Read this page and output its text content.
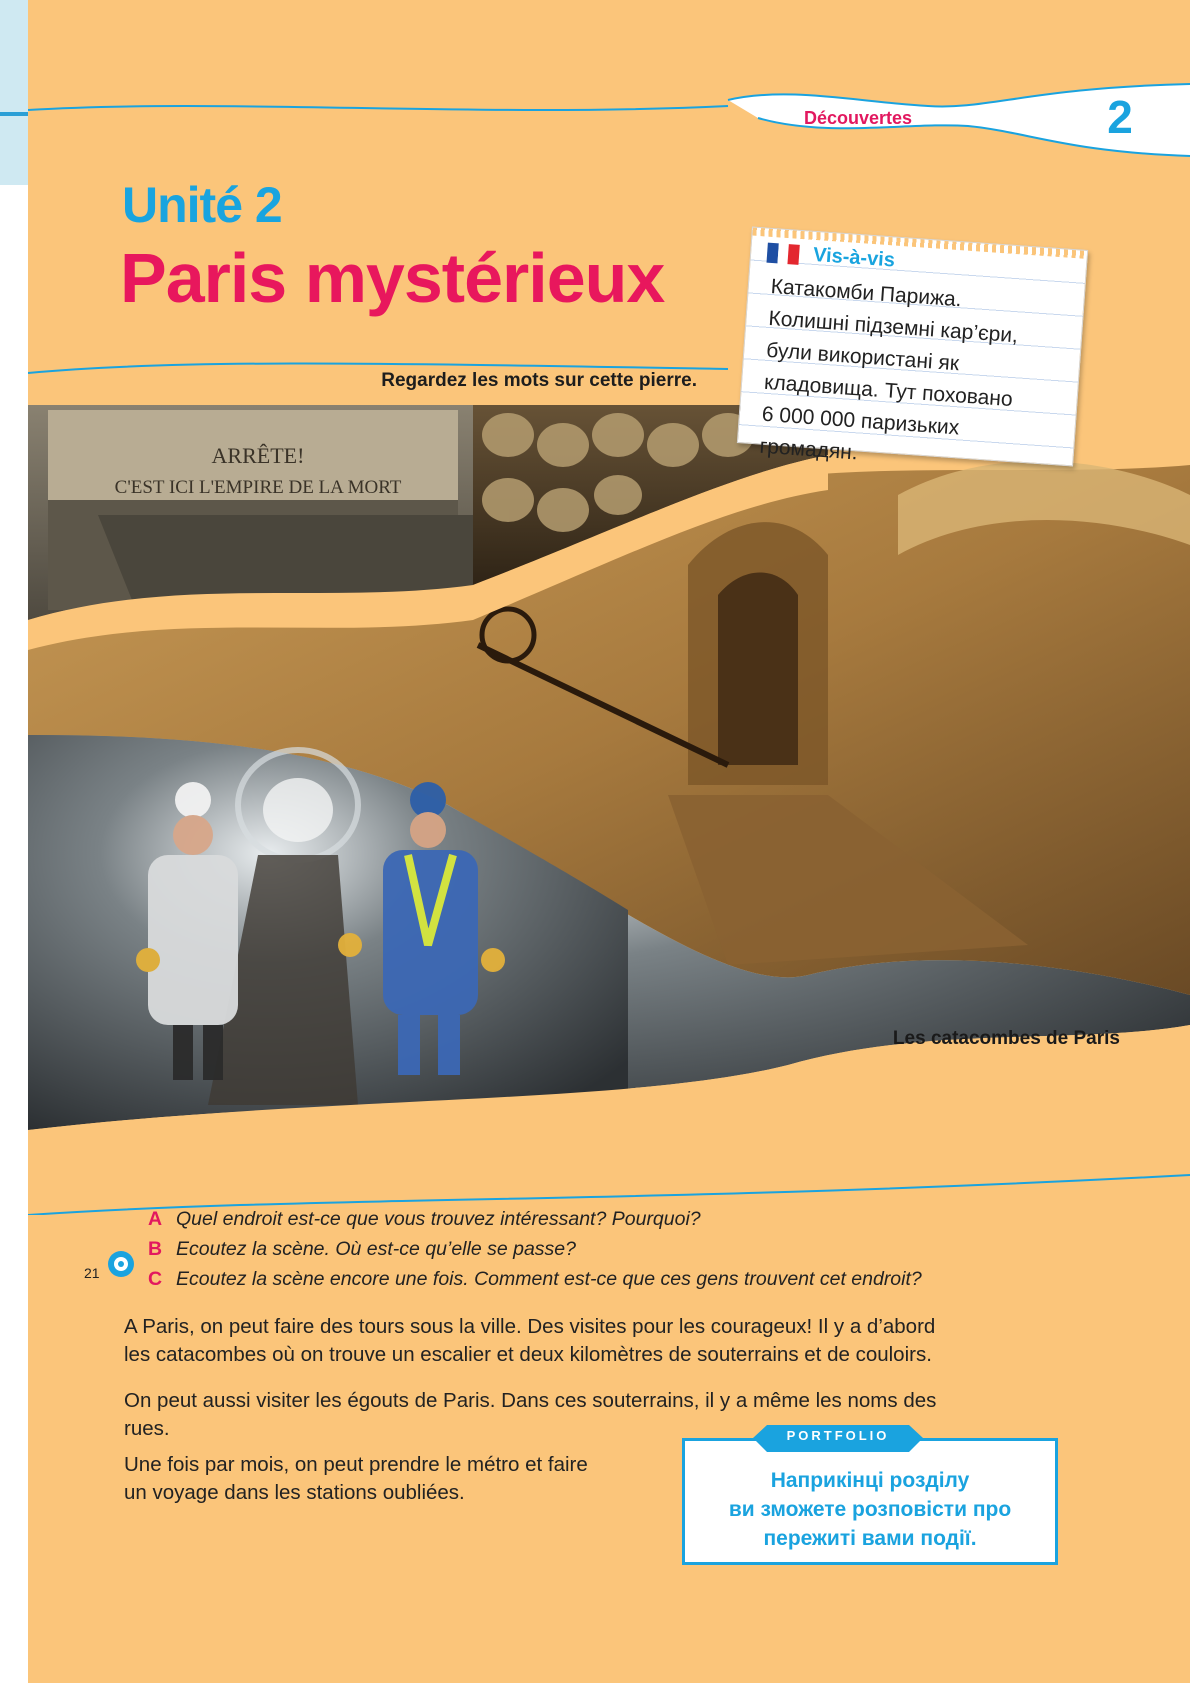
Découvertes	2
Unité 2
Paris mystérieux
Regardez les mots sur cette pierre.
ARRÊTE!
C'EST ICI L'EMPIRE DE LA MORT
Les catacombes de Paris
Vis-à-vis
Катакомби Парижа.
Колишні підземні кар’єри,
були використані як
кладовища. Тут поховано
6 000 000 паризьких
громадян.
21
A Quel endroit est-ce que vous trouvez intéressant? Pourquoi?
B Ecoutez la scène. Où est-ce qu’elle se passe?
C Ecoutez la scène encore une fois. Comment est-ce que ces gens trouvent cet endroit?
A Paris, on peut faire des tours sous la ville. Des visites pour les courageux! Il y a d’abord
les catacombes où on trouve un escalier et deux kilomètres de souterrains et de couloirs.
On peut aussi visiter les égouts de Paris. Dans ces souterrains, il y a même les noms des
rues.
Une fois par mois, on peut prendre le métro et faire
un voyage dans les stations oubliées.
PORTFOLIO
Наприкінці розділу
ви зможете розповісти про
пережиті вами події.
